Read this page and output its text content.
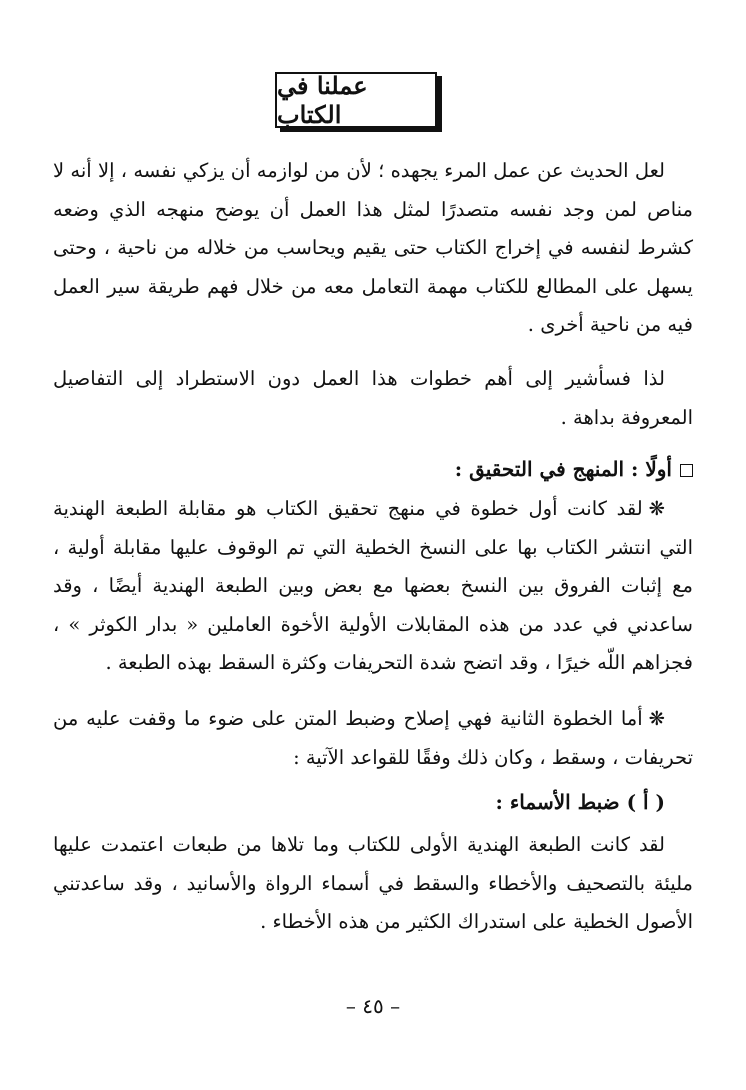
عملنا في الكتاب
لعل الحديث عن عمل المرء يجهده ؛ لأن من لوازمه أن يزكي نفسه ، إلا أنه لا مناص لمن وجد نفسه متصدرًا لمثل هذا العمل أن يوضح منهجه الذي وضعه كشرط لنفسه في إخراج الكتاب حتى يقيم ويحاسب من خلاله من ناحية ، وحتى يسهل على المطالع للكتاب مهمة التعامل معه من خلال فهم طريقة سير العمل فيه من ناحية أخرى .
لذا فسأشير إلى أهم خطوات هذا العمل دون الاستطراد إلى التفاصيل المعروفة بداهة .
أولًا : المنهج في التحقيق :
❋لقد كانت أول خطوة في منهج تحقيق الكتاب هو مقابلة الطبعة الهندية التي انتشر الكتاب بها على النسخ الخطية التي تم الوقوف عليها مقابلة أولية ، مع إثبات الفروق بين النسخ بعضها مع بعض وبين الطبعة الهندية أيضًا ، وقد ساعدني في عدد من هذه المقابلات الأولية الأخوة العاملين « بدار الكوثر » ، فجزاهم اللّه خيرًا ، وقد اتضح شدة التحريفات وكثرة السقط بهذه الطبعة .
❋أما الخطوة الثانية فهي إصلاح وضبط المتن على ضوء ما وقفت عليه من تحريفات ، وسقط ، وكان ذلك وفقًا للقواعد الآتية :
( أ ) ضبط الأسماء :
لقد كانت الطبعة الهندية الأولى للكتاب وما تلاها من طبعات اعتمدت عليها مليئة بالتصحيف والأخطاء والسقط في أسماء الرواة والأسانيد ، وقد ساعدتني الأصول الخطية على استدراك الكثير من هذه الأخطاء .
– ٤٥ –
